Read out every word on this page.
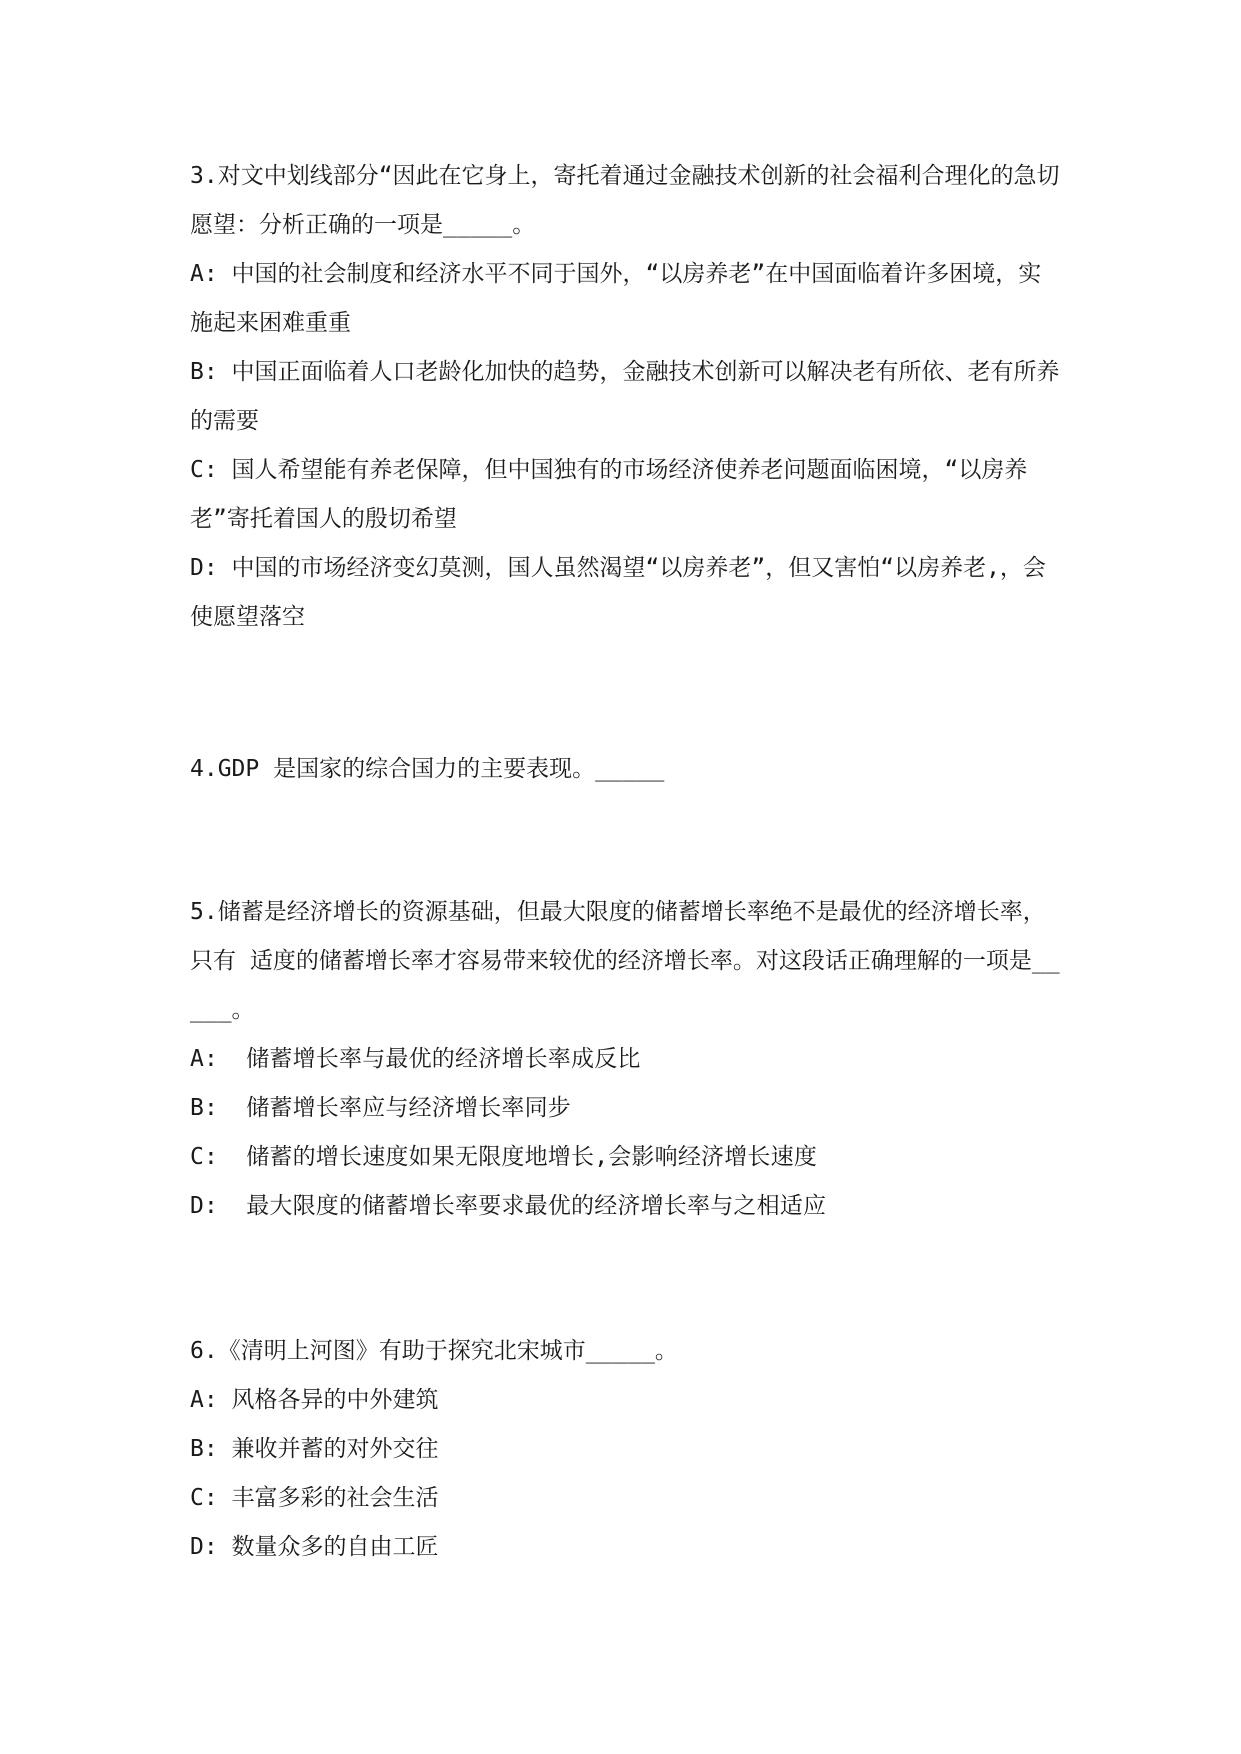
3.对文中划线部分“因此在它身上，寄托着通过金融技术创新的社会福利合理化的急切愿望：分析正确的一项是_____。

A: 中国的社会制度和经济水平不同于国外，“以房养老”在中国面临着许多困境，实施起来困难重重

B: 中国正面临着人口老龄化加快的趋势，金融技术创新可以解决老有所依、老有所养的需要

C: 国人希望能有养老保障，但中国独有的市场经济使养老问题面临困境，“以房养老”寄托着国人的殷切希望

D: 中国的市场经济变幻莫测，国人虽然渴望“以房养老”，但又害怕“以房养老,，会使愿望落空

4.GDP 是国家的综合国力的主要表现。_____

5.储蓄是经济增长的资源基础，但最大限度的储蓄增长率绝不是最优的经济增长率，只有 适度的储蓄增长率才容易带来较优的经济增长率。对这段话正确理解的一项是_____。

A:  储蓄增长率与最优的经济增长率成反比

B:  储蓄增长率应与经济增长率同步

C:  储蓄的增长速度如果无限度地增长,会影响经济增长速度

D:  最大限度的储蓄增长率要求最优的经济增长率与之相适应

6.《清明上河图》有助于探究北宋城市_____。

A: 风格各异的中外建筑

B: 兼收并蓄的对外交往

C: 丰富多彩的社会生活

D: 数量众多的自由工匠
